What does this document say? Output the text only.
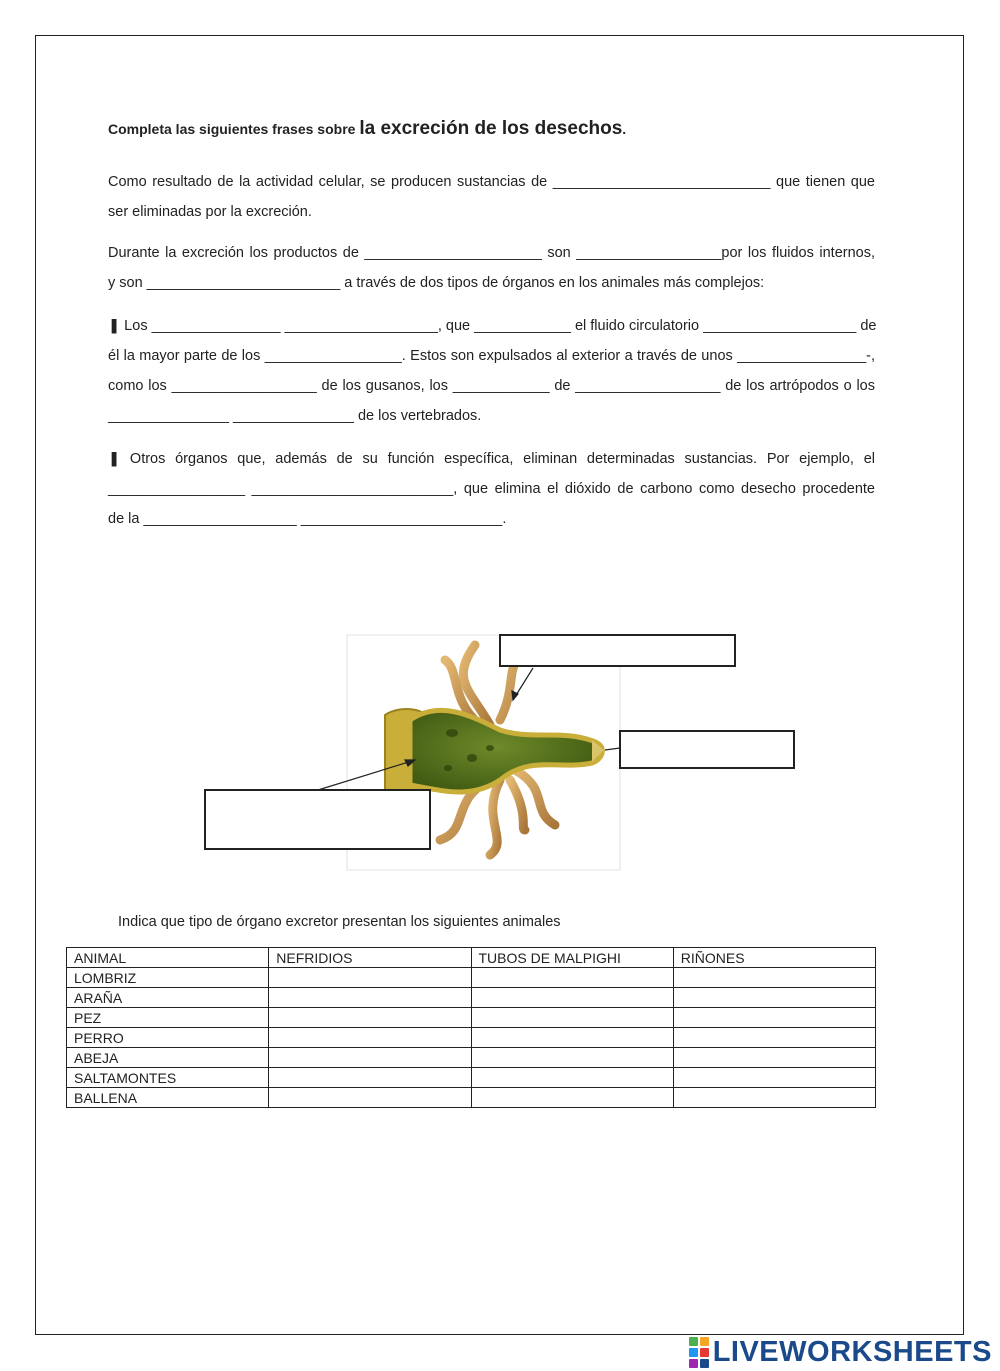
Completa las siguientes frases sobre la excreción de los desechos.
Como resultado de la actividad celular, se producen sustancias de ___________________________ que tienen que
ser eliminadas por la excreción.
Durante la excreción los productos de ______________________ son __________________por los fluidos internos,
y son ________________________ a través de dos tipos de órganos en los animales más complejos:
❚ Los ________________ ___________________, que ____________ el fluido circulatorio ___________________ de
él la mayor parte de los _________________. Estos son expulsados al exterior a través de unos ________________-,
como los __________________ de los gusanos, los ____________ de __________________ de los artrópodos o los
_______________ _______________ de los vertebrados.
❚ Otros órganos que, además de su función específica, eliminan determinadas sustancias. Por ejemplo, el
_________________ _________________________, que elimina el dióxido de carbono como desecho procedente
de la ___________________ _________________________.
Indica que tipo de órgano excretor presentan los siguientes animales
ANIMAL	NEFRIDIOS	TUBOS DE MALPIGHI	RIÑONES
LOMBRIZ			
ARAÑA			
PEZ			
PERRO			
ABEJA			
SALTAMONTES			
BALLENA			
LIVEWORKSHEETS
